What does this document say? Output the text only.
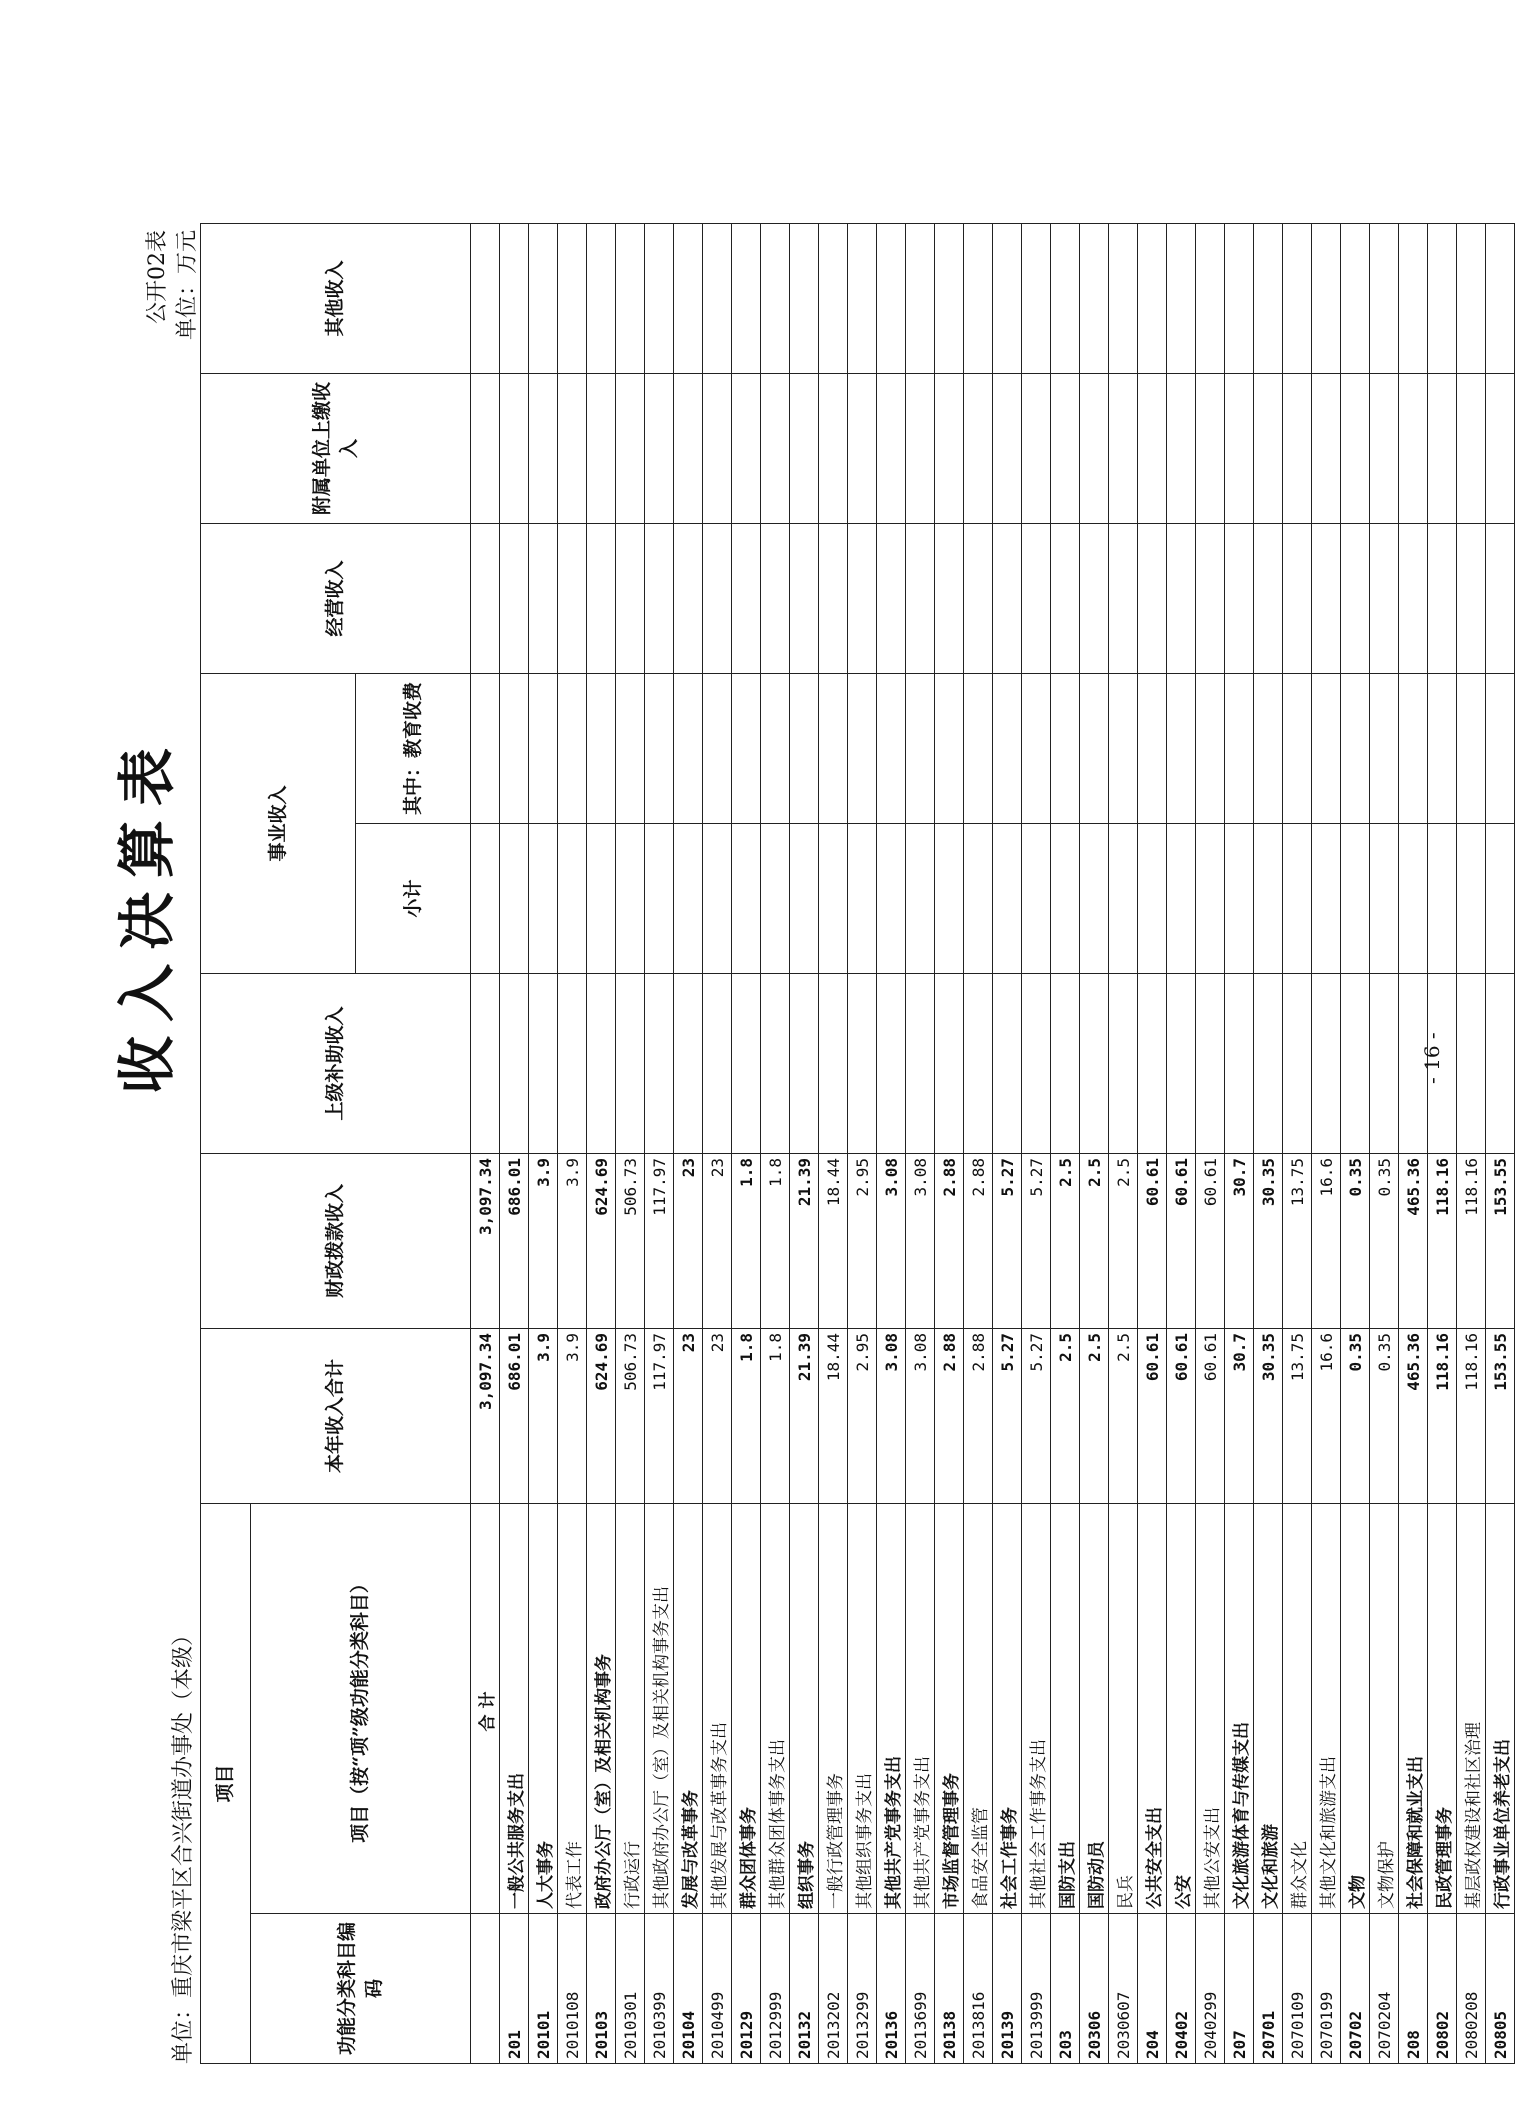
收入决算表
公开02表 单位：万元
单位：重庆市梁平区合兴街道办事处（本级） 项目		本年收入合计	财政拨款收入	上级补助收入	事业收入		经营收入	附属单位上缴收入	其他收入
功能分类科目编码	项目（按“项”级功能分类科目）								
					小计	其中：教育收费			
	合计	3,097.34	3,097.34						
201	一般公共服务支出	686.01	686.01						
20101	人大事务	3.9	3.9						
2010108	代表工作	3.9	3.9						
20103	政府办公厅（室）及相关机构事务	624.69	624.69						
2010301	行政运行	506.73	506.73						
2010399	其他政府办公厅（室）及相关机构事务支出	117.97	117.97						
20104	发展与改革事务	23	23						
2010499	其他发展与改革事务支出	23	23						
20129	群众团体事务	1.8	1.8						
2012999	其他群众团体事务支出	1.8	1.8						
20132	组织事务	21.39	21.39						
2013202	一般行政管理事务	18.44	18.44						
2013299	其他组织事务支出	2.95	2.95						
20136	其他共产党事务支出	3.08	3.08						
2013699	其他共产党事务支出	3.08	3.08						
20138	市场监督管理事务	2.88	2.88						
2013816	食品安全监管	2.88	2.88						
20139	社会工作事务	5.27	5.27						
2013999	其他社会工作事务支出	5.27	5.27						
203	国防支出	2.5	2.5						
20306	国防动员	2.5	2.5						
2030607	民兵	2.5	2.5						
204	公共安全支出	60.61	60.61						
20402	公安	60.61	60.61						
2040299	其他公安支出	60.61	60.61						
207	文化旅游体育与传媒支出	30.7	30.7						
20701	文化和旅游	30.35	30.35						
2070109	群众文化	13.75	13.75						
2070199	其他文化和旅游支出	16.6	16.6						
20702	文物	0.35	0.35						
2070204	文物保护	0.35	0.35						
208	社会保障和就业支出	465.36	465.36						
20802	民政管理事务	118.16	118.16						
2080208	基层政权建设和社区治理	118.16	118.16						
20805	行政事业单位养老支出	153.55	153.55						
- 16 -
